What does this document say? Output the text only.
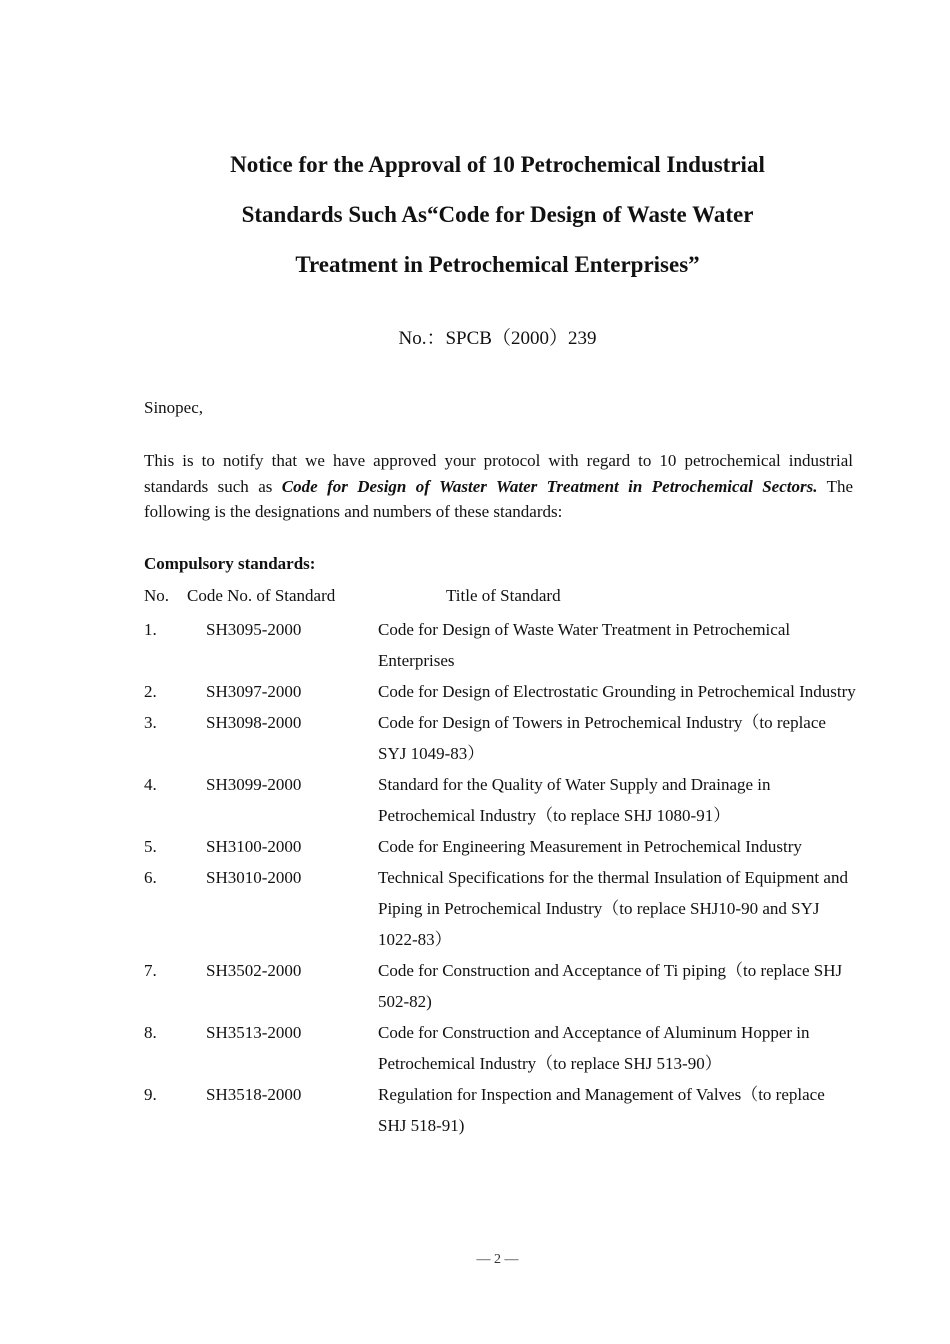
Notice for the Approval of 10 Petrochemical Industrial
Standards Such As“Code for Design of Waste Water
Treatment in Petrochemical Enterprises”
No.：SPCB（2000）239
Sinopec,

This is to notify that we have approved your protocol with regard to 10 petrochemical industrial standards such as Code for Design of Waster Water Treatment in Petrochemical Sectors. The following is the designations and numbers of these standards:

Compulsory standards:
No. Code No. of Standard	Title of Standard
1.	SH3095-2000	Code for Design of Waste Water Treatment in Petrochemical Enterprises
2.	SH3097-2000	Code for Design of Electrostatic Grounding in Petrochemical Industry
3.	SH3098-2000	Code for Design of Towers in Petrochemical Industry（to replace SYJ 1049-83）
4.	SH3099-2000	Standard for the Quality of Water Supply and Drainage in Petrochemical Industry（to replace SHJ 1080-91）
5.	SH3100-2000	Code for Engineering Measurement in Petrochemical Industry
6.	SH3010-2000	Technical Specifications for the thermal Insulation of Equipment and Piping in Petrochemical Industry（to replace SHJ10-90 and SYJ 1022-83）
7.	SH3502-2000	Code for Construction and Acceptance of Ti piping（to replace SHJ 502-82)
8.	SH3513-2000	Code for Construction and Acceptance of Aluminum Hopper in Petrochemical Industry（to replace SHJ 513-90）
9.	SH3518-2000	Regulation for Inspection and Management of Valves（to replace SHJ 518-91)
— 2 —
